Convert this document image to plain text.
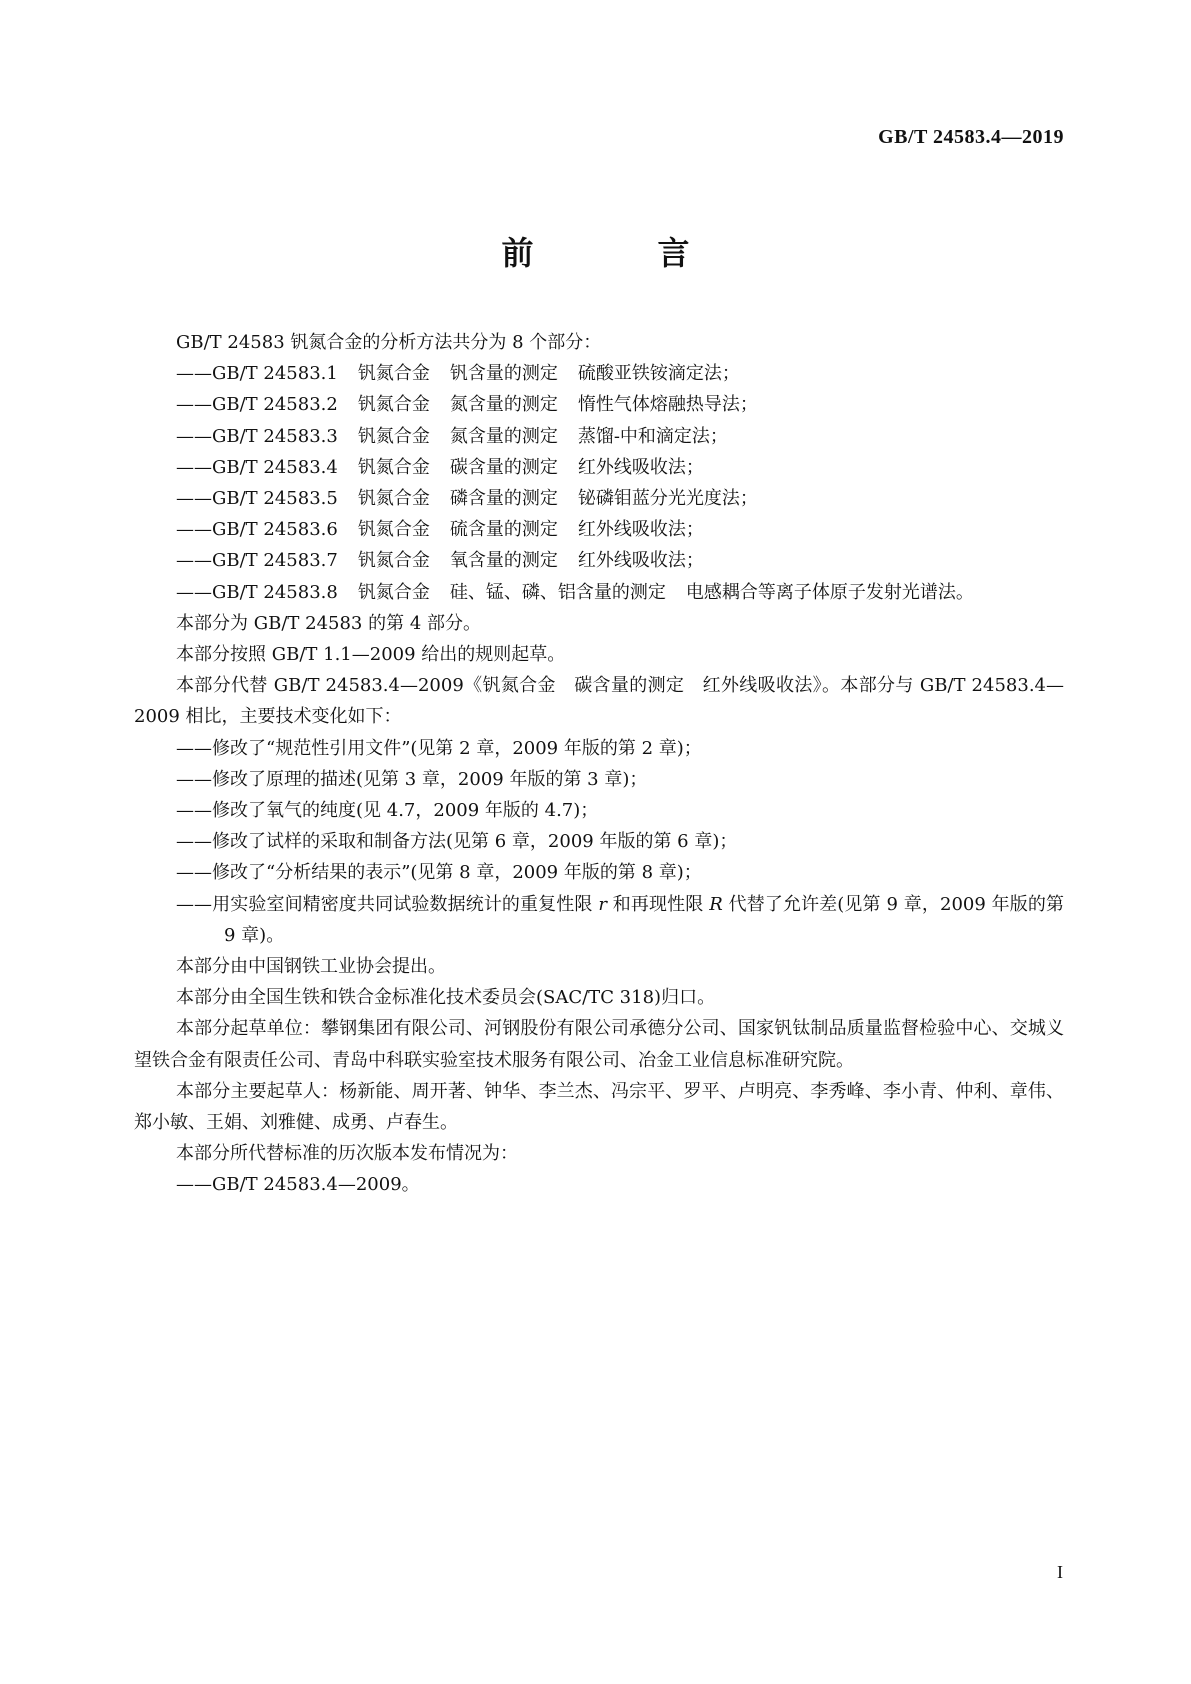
GB/T 24583.4—2019
前　言

GB/T 24583 钒氮合金的分析方法共分为 8 个部分：

——GB/T 24583.1 钒氮合金 钒含量的测定 硫酸亚铁铵滴定法；

——GB/T 24583.2 钒氮合金 氮含量的测定 惰性气体熔融热导法；

——GB/T 24583.3 钒氮合金 氮含量的测定 蒸馏-中和滴定法；

——GB/T 24583.4 钒氮合金 碳含量的测定 红外线吸收法；

——GB/T 24583.5 钒氮合金 磷含量的测定 铋磷钼蓝分光光度法；

——GB/T 24583.6 钒氮合金 硫含量的测定 红外线吸收法；

——GB/T 24583.7 钒氮合金 氧含量的测定 红外线吸收法；

——GB/T 24583.8 钒氮合金 硅、锰、磷、铝含量的测定 电感耦合等离子体原子发射光谱法。

本部分为 GB/T 24583 的第 4 部分。

本部分按照 GB/T 1.1—2009 给出的规则起草。

本部分代替 GB/T 24583.4—2009《钒氮合金　碳含量的测定　红外线吸收法》。本部分与 GB/T 24583.4—2009 相比，主要技术变化如下：

——修改了“规范性引用文件”(见第 2 章，2009 年版的第 2 章)；

——修改了原理的描述(见第 3 章，2009 年版的第 3 章)；

——修改了氧气的纯度(见 4.7，2009 年版的 4.7)；

——修改了试样的采取和制备方法(见第 6 章，2009 年版的第 6 章)；

——修改了“分析结果的表示”(见第 8 章，2009 年版的第 8 章)；

——用实验室间精密度共同试验数据统计的重复性限 r 和再现性限 R 代替了允许差(见第 9 章，2009 年版的第 9 章)。

本部分由中国钢铁工业协会提出。

本部分由全国生铁和铁合金标准化技术委员会(SAC/TC 318)归口。

本部分起草单位：攀钢集团有限公司、河钢股份有限公司承德分公司、国家钒钛制品质量监督检验中心、交城义望铁合金有限责任公司、青岛中科联实验室技术服务有限公司、冶金工业信息标准研究院。

本部分主要起草人：杨新能、周开著、钟华、李兰杰、冯宗平、罗平、卢明亮、李秀峰、李小青、仲利、章伟、郑小敏、王娟、刘雅健、成勇、卢春生。

本部分所代替标准的历次版本发布情况为：

——GB/T 24583.4—2009。

I
